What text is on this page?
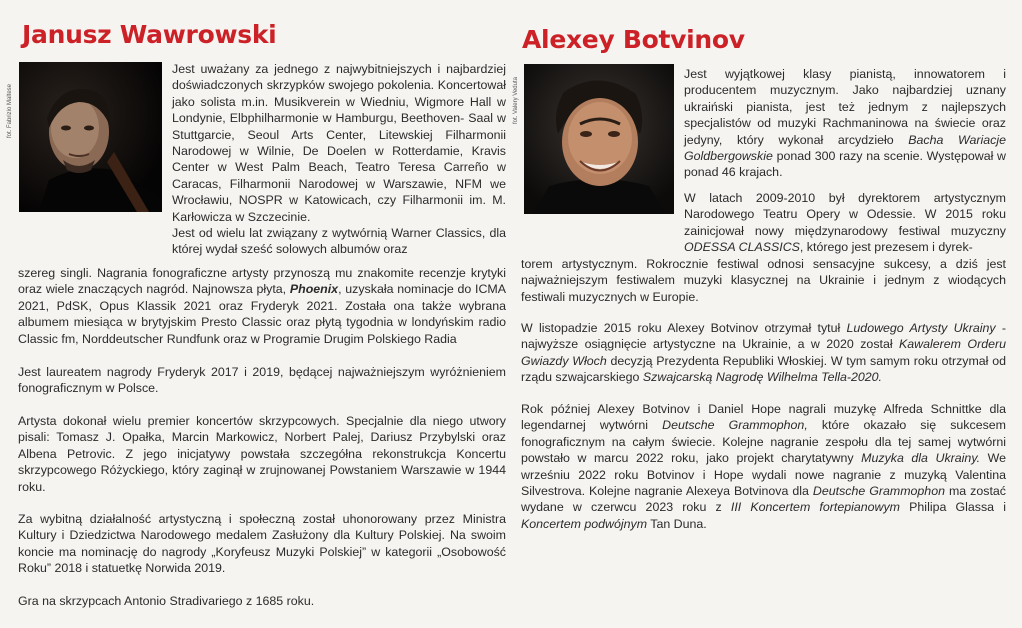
Janusz Wawrowski
fot. Fabrizio Maltese

Jest uważany za jednego z najwybitniejszych i najbardziej doświadczonych skrzypków swojego pokolenia. Koncertował jako solista m.in. Musikverein w Wiedniu, Wigmore Hall w Londynie, Elbphilharmonie w Hamburgu, Beethoven- Saal w Stuttgarcie, Seoul Arts Center, Litewskiej Filharmonii Narodowej w Wilnie, De Doelen w Rotterdamie, Kravis Center w West Palm Beach, Teatro Teresa Carreño w Caracas, Filharmonii Narodowej w Warszawie, NFM we Wrocławiu, NOSPR w Katowicach, czy Filharmonii im. M. Karłowicza w Szczecinie.

Jest od wielu lat związany z wytwórnią Warner Classics, dla której wydał sześć solowych albumów oraz

szereg singli. Nagrania fonograficzne artysty przynoszą mu znakomite recenzje krytyki oraz wiele znaczących nagród. Najnowsza płyta, Phoenix, uzyskała nominacje do ICMA 2021, PdSK, Opus Klassik 2021 oraz Fryderyk 2021. Została ona także wybrana albumem miesiąca w brytyjskim Presto Classic oraz płytą tygodnia w londyńskim radio Classic fm, Norddeutscher Rundfunk oraz w Programie Drugim Polskiego Radia

Jest laureatem nagrody Fryderyk 2017 i 2019, będącej najważniejszym wyróżnieniem fonograficznym w Polsce.

Artysta dokonał wielu premier koncertów skrzypcowych. Specjalnie dla niego utwory pisali: Tomasz J. Opałka, Marcin Markowicz, Norbert Palej, Dariusz Przybylski oraz Albena Petrovic. Z jego inicjatywy powstała szczegółna rekonstrukcja Koncertu skrzypcowego Różyckiego, który zaginął w zrujnowanej Powstaniem Warszawie w 1944 roku.

Za wybitną działalność artystyczną i społeczną został uhonorowany przez Ministra Kultury i Dziedzictwa Narodowego medalem Zasłużony dla Kultury Polskiej. Na swoim koncie ma nominację do nagrody „Koryfeusz Muzyki Polskiej” w kategorii „Osobowość Roku” 2018 i statuetkę Norwida 2019.

Gra na skrzypcach Antonio Stradivariego z 1685 roku.

Alexey Botvinov
fot. Valery Veduta

Jest wyjątkowej klasy pianistą, innowatorem i producentem muzycznym. Jako najbardziej uznany ukraiński pianista, jest też jednym z najlepszych specjalistów od muzyki Rachmaninowa na świecie oraz jedyny, który wykonał arcydzieło Bacha Wariacje Goldbergowskie ponad 300 razy na scenie. Występował w ponad 46 krajach.

W latach 2009-2010 był dyrektorem artystycznym Narodowego Teatru Opery w Odessie. W 2015 roku zainicjował nowy międzynarodowy festiwal muzyczny ODESSA CLASSICS, którego jest prezesem i dyrek-

torem artystycznym. Rokrocznie festiwal odnosi sensacyjne sukcesy, a dziś jest najważniejszym festiwalem muzyki klasycznej na Ukrainie i jednym z wiodących festiwali muzycznych w Europie.

W listopadzie 2015 roku Alexey Botvinov otrzymał tytuł Ludowego Artysty Ukrainy - najwyższe osiągnięcie artystyczne na Ukrainie, a w 2020 został Kawalerem Orderu Gwiazdy Włoch decyzją Prezydenta Republiki Włoskiej. W tym samym roku otrzymał od rządu szwajcarskiego Szwajcarską Nagrodę Wilhelma Tella-2020.

Rok później Alexey Botvinov i Daniel Hope nagrali muzykę Alfreda Schnittke dla legendarnej wytwórni Deutsche Grammophon, które okazało się sukcesem fonograficznym na całym świecie. Kolejne nagranie zespołu dla tej samej wytwórni powstało w marcu 2022 roku, jako projekt charytatywny Muzyka dla Ukrainy. We wrześniu 2022 roku Botvinov i Hope wydali nowe nagranie z muzyką Valentina Silvestrova. Kolejne nagranie Alexeya Botvinova dla Deutsche Grammophon ma zostać wydane w czerwcu 2023 roku z III Koncertem fortepianowym Philipa Glassa i Koncertem podwójnym Tan Duna.
